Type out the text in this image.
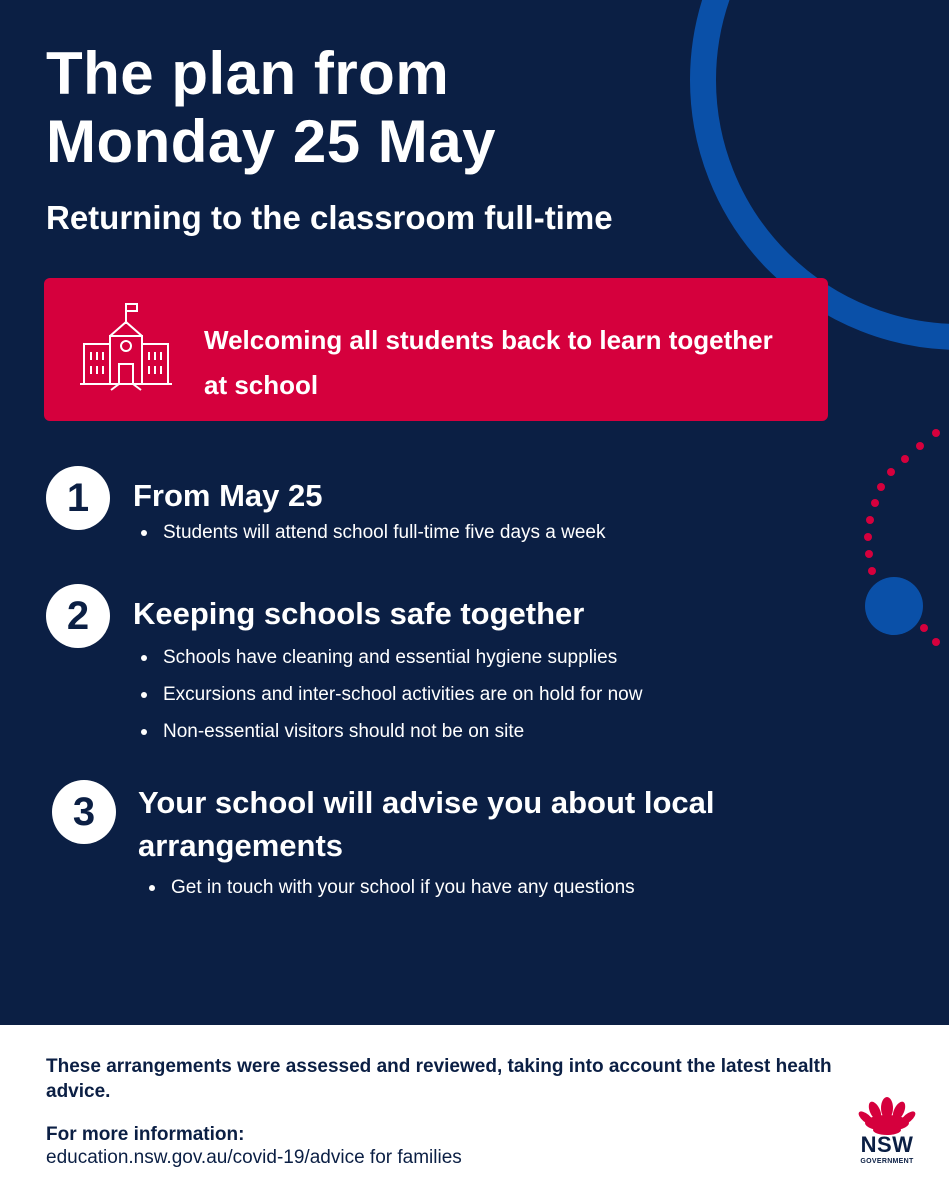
The plan from
Monday 25 May
Returning to the classroom full-time
Welcoming all students back to learn together at school
1	From May 25
Students will attend school full-time five days a week
2	Keeping schools safe together
Schools have cleaning and essential hygiene supplies
Excursions and inter-school activities are on hold for now
Non-essential visitors should not be on site
3	Your school will advise you about local arrangements
Get in touch with your school if you have any questions

These arrangements were assessed and reviewed, taking into account the latest health advice.

For more information:

education.nsw.gov.au/covid-19/advice for families

NSW
GOVERNMENT
